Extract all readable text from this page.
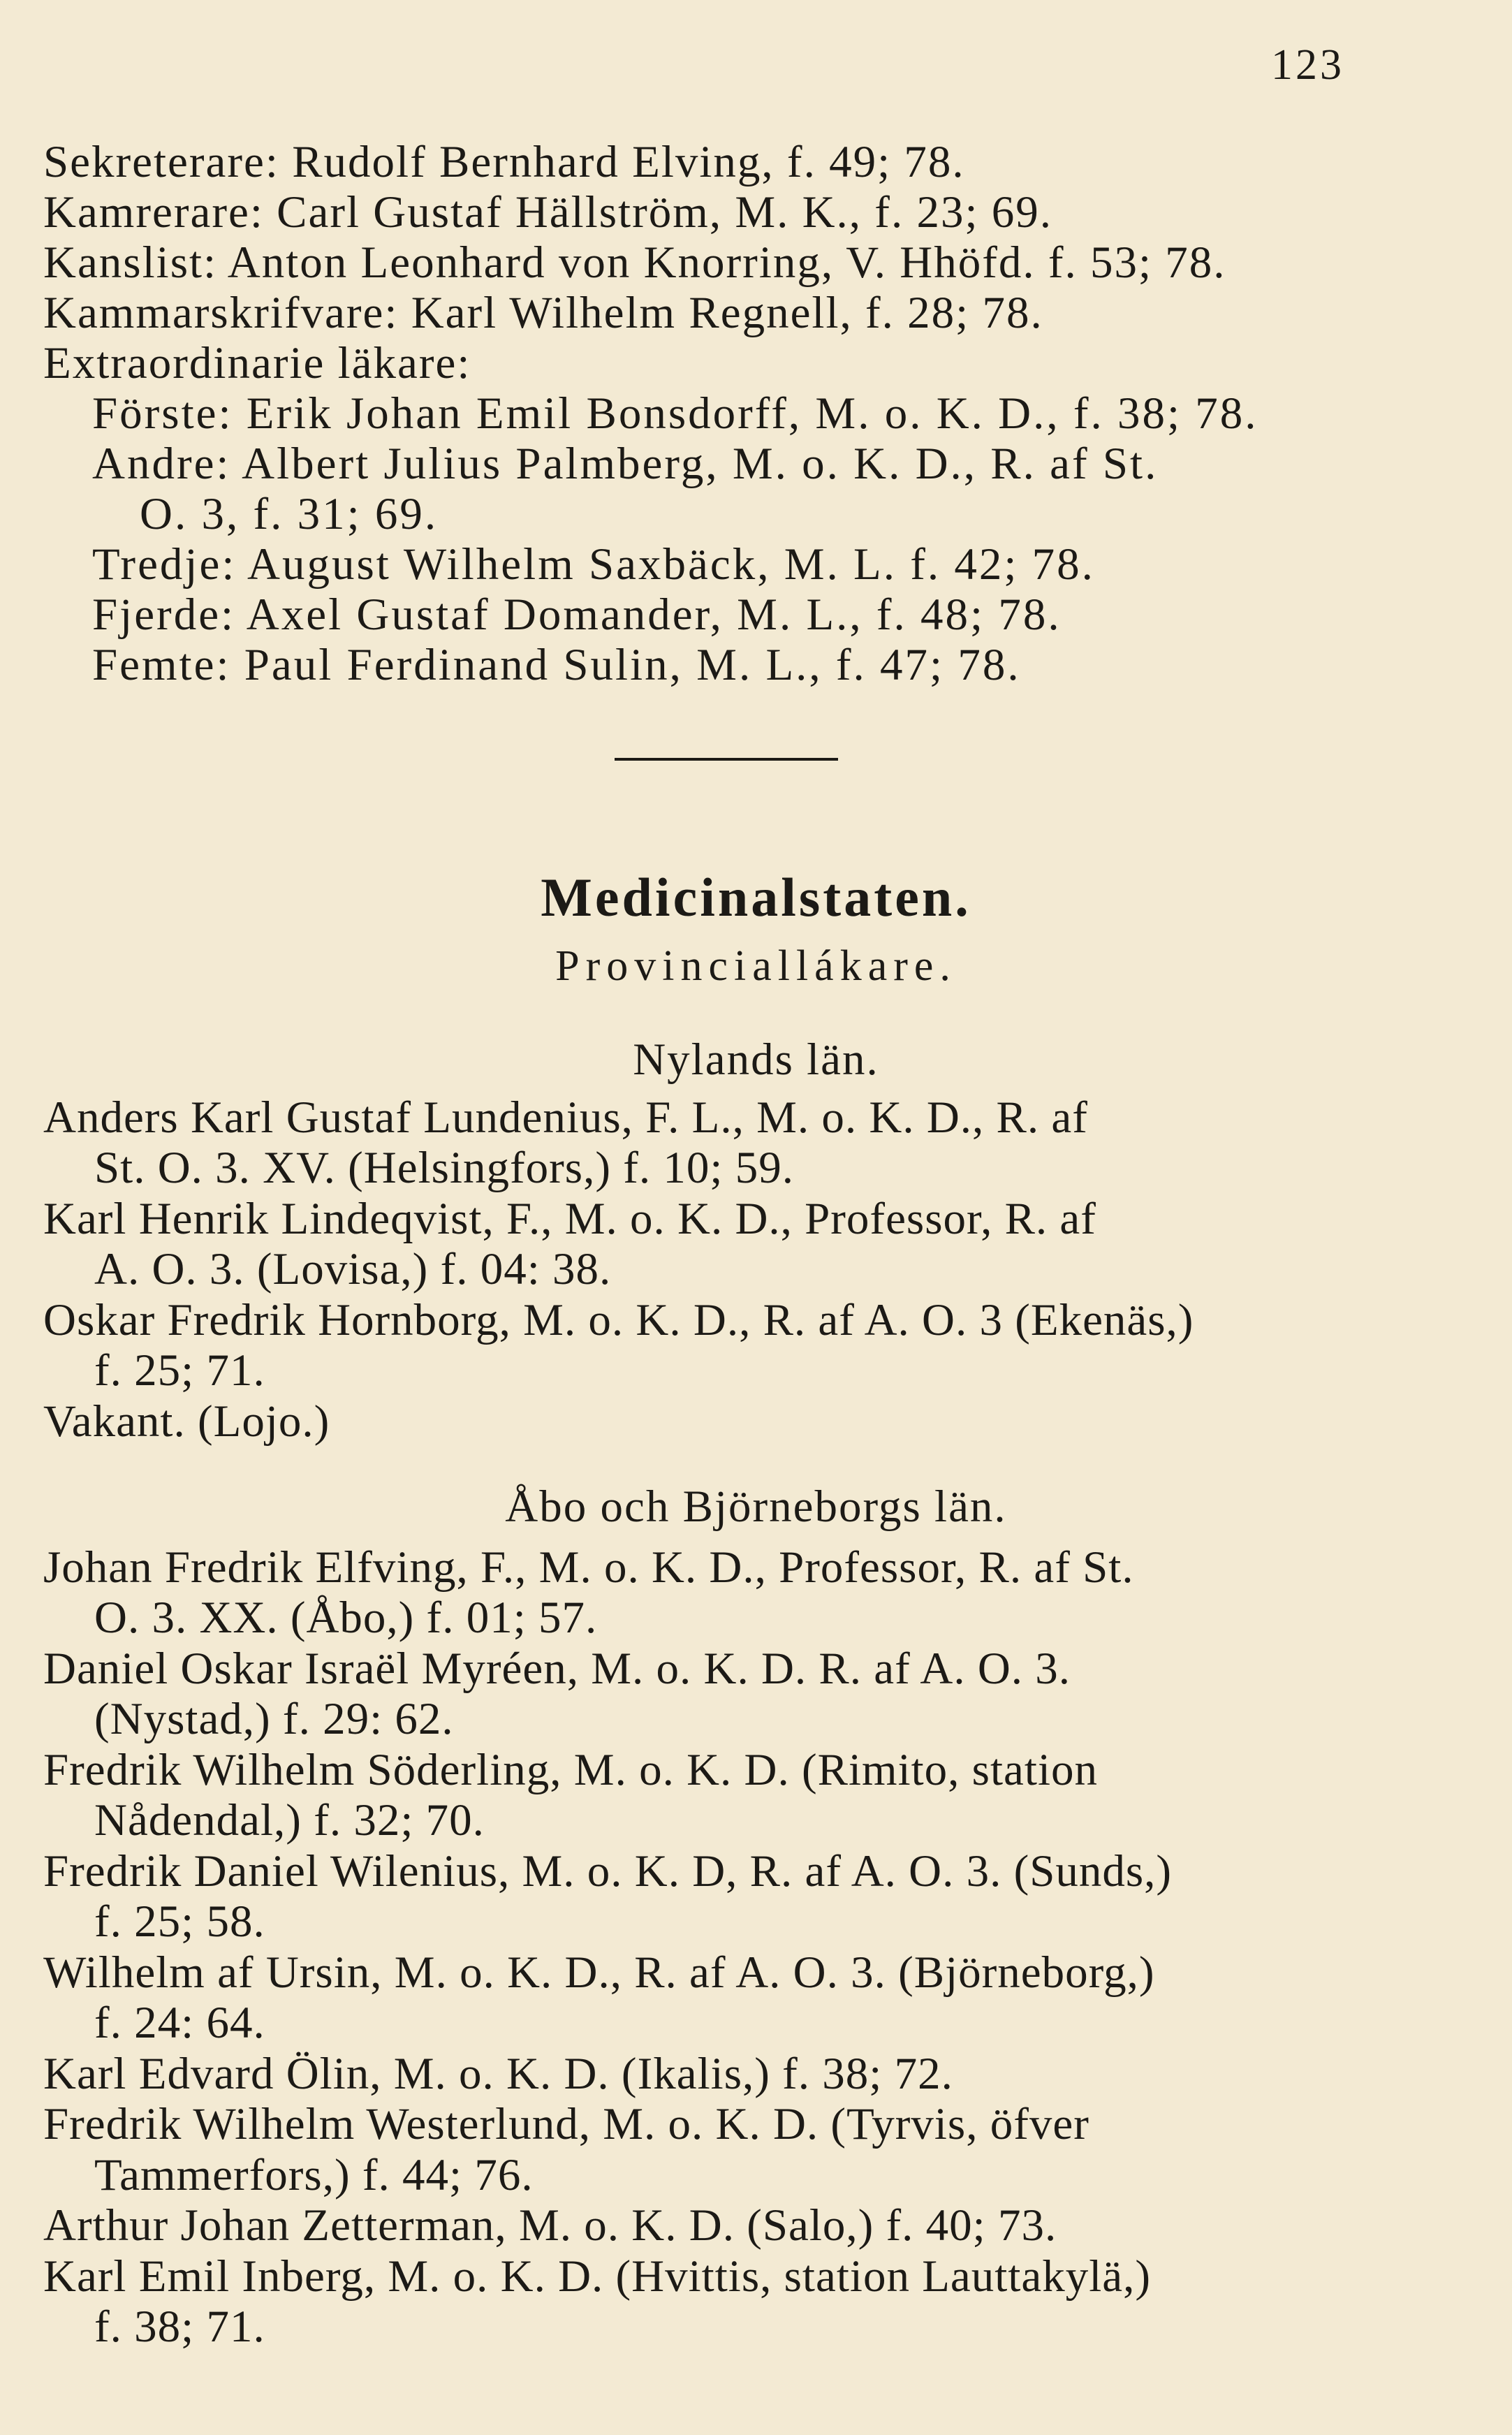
123
Sekreterare: Rudolf Bernhard Elving, f. 49; 78.
Kamrerare: Carl Gustaf Hällström, M. K., f. 23; 69.
Kanslist: Anton Leonhard von Knorring, V. Hhöfd. f. 53; 78.
Kammarskrifvare: Karl Wilhelm Regnell, f. 28; 78.
Extraordinarie läkare:
Förste: Erik Johan Emil Bonsdorff, M. o. K. D., f. 38; 78.
Andre: Albert Julius Palmberg, M. o. K. D., R. af St.
O. 3, f. 31; 69.
Tredje: August Wilhelm Saxbäck, M. L. f. 42; 78.
Fjerde: Axel Gustaf Domander, M. L., f. 48; 78.
Femte: Paul Ferdinand Sulin, M. L., f. 47; 78.
Medicinalstaten.
Provinciallákare.
Nylands län.
Anders Karl Gustaf Lundenius, F. L., M. o. K. D., R. af
St. O. 3. XV. (Helsingfors,) f. 10; 59.
Karl Henrik Lindeqvist, F., M. o. K. D., Professor, R. af
A. O. 3. (Lovisa,) f. 04: 38.
Oskar Fredrik Hornborg, M. o. K. D., R. af A. O. 3 (Ekenäs,)
f. 25; 71.
Vakant. (Lojo.)
Åbo och Björneborgs län.
Johan Fredrik Elfving, F., M. o. K. D., Professor, R. af St.
O. 3. XX. (Åbo,) f. 01; 57.
Daniel Oskar Israël Myréen, M. o. K. D. R. af A. O. 3.
(Nystad,) f. 29: 62.
Fredrik Wilhelm Söderling, M. o. K. D. (Rimito, station
Nådendal,) f. 32; 70.
Fredrik Daniel Wilenius, M. o. K. D, R. af A. O. 3. (Sunds,)
f. 25; 58.
Wilhelm af Ursin, M. o. K. D., R. af A. O. 3. (Björneborg,)
f. 24: 64.
Karl Edvard Ölin, M. o. K. D. (Ikalis,) f. 38; 72.
Fredrik Wilhelm Westerlund, M. o. K. D. (Tyrvis, öfver
Tammerfors,) f. 44; 76.
Arthur Johan Zetterman, M. o. K. D. (Salo,) f. 40; 73.
Karl Emil Inberg, M. o. K. D. (Hvittis, station Lauttakylä,)
f. 38; 71.
